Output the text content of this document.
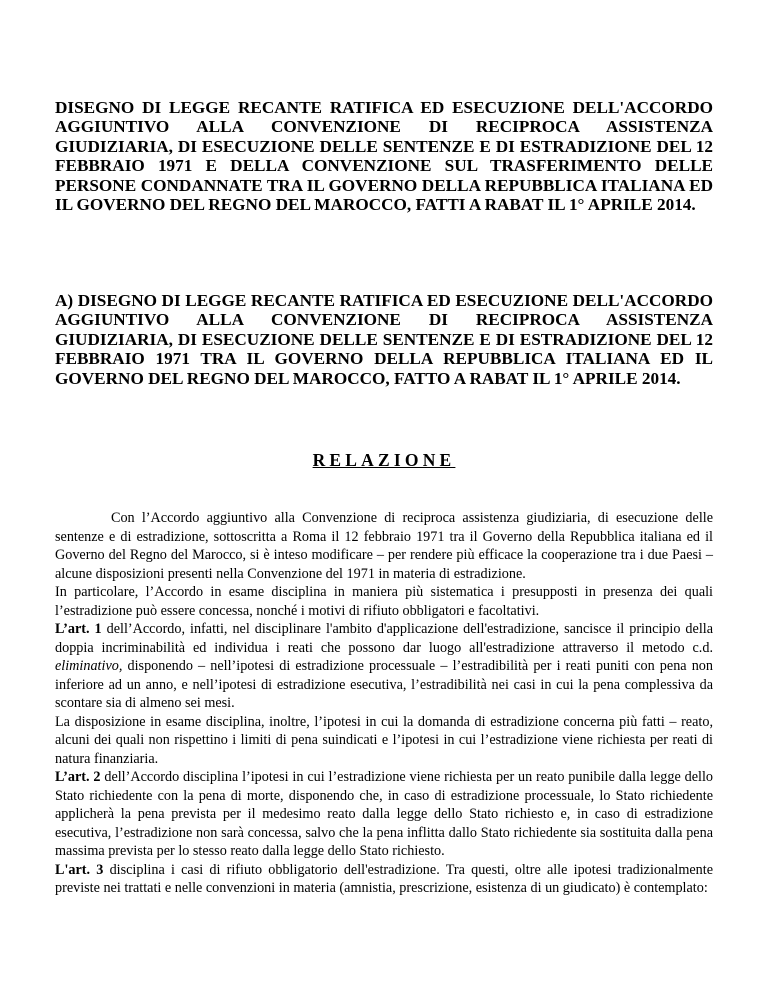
DISEGNO DI LEGGE RECANTE RATIFICA ED ESECUZIONE DELL'ACCORDO AGGIUNTIVO ALLA CONVENZIONE DI RECIPROCA ASSISTENZA GIUDIZIARIA, DI ESECUZIONE DELLE SENTENZE E DI ESTRADIZIONE DEL 12 FEBBRAIO 1971 E DELLA CONVENZIONE SUL TRASFERIMENTO DELLE PERSONE CONDANNATE TRA IL GOVERNO DELLA REPUBBLICA ITALIANA ED IL GOVERNO DEL REGNO DEL MAROCCO, FATTI A RABAT IL 1° APRILE 2014.
A) DISEGNO DI LEGGE RECANTE RATIFICA ED ESECUZIONE DELL'ACCORDO AGGIUNTIVO ALLA CONVENZIONE DI RECIPROCA ASSISTENZA GIUDIZIARIA, DI ESECUZIONE DELLE SENTENZE E DI ESTRADIZIONE DEL 12 FEBBRAIO 1971 TRA IL GOVERNO DELLA REPUBBLICA ITALIANA ED IL GOVERNO DEL REGNO DEL MAROCCO, FATTO A RABAT IL 1° APRILE 2014.
RELAZIONE

Con l’Accordo aggiuntivo alla Convenzione di reciproca assistenza giudiziaria, di esecuzione delle sentenze e di estradizione, sottoscritta a Roma il 12 febbraio 1971 tra il Governo della Repubblica italiana ed il Governo del Regno del Marocco, si è inteso modificare – per rendere più efficace la cooperazione tra i due Paesi – alcune disposizioni presenti nella Convenzione del 1971 in materia di estradizione.

In particolare, l’Accordo in esame disciplina in maniera più sistematica i presupposti in presenza dei quali l’estradizione può essere concessa, nonché i motivi di rifiuto obbligatori e facoltativi.

L’art. 1 dell’Accordo, infatti, nel disciplinare l'ambito d'applicazione dell'estradizione, sancisce il principio della doppia incriminabilità ed individua i reati che possono dar luogo all'estradizione attraverso il metodo c.d. eliminativo, disponendo – nell’ipotesi di estradizione processuale – l’estradibilità per i reati puniti con pena non inferiore ad un anno, e nell’ipotesi di estradizione esecutiva, l’estradibilità nei casi in cui la pena complessiva da scontare sia di almeno sei mesi.

La disposizione in esame disciplina, inoltre, l’ipotesi in cui la domanda di estradizione concerna più fatti – reato, alcuni dei quali non rispettino i limiti di pena suindicati e l’ipotesi in cui l’estradizione viene richiesta per reati di natura finanziaria.

L’art. 2 dell’Accordo disciplina l’ipotesi in cui l’estradizione viene richiesta per un reato punibile dalla legge dello Stato richiedente con la pena di morte, disponendo che, in caso di estradizione processuale, lo Stato richiedente applicherà la pena prevista per il medesimo reato dalla legge dello Stato richiesto e, in caso di estradizione esecutiva, l’estradizione non sarà concessa, salvo che la pena inflitta dallo Stato richiedente sia sostituita dalla pena massima prevista per lo stesso reato dalla legge dello Stato richiesto.

L'art. 3 disciplina i casi di rifiuto obbligatorio dell'estradizione. Tra questi, oltre alle ipotesi tradizionalmente previste nei trattati e nelle convenzioni in materia (amnistia, prescrizione, esistenza di un giudicato) è contemplato:
